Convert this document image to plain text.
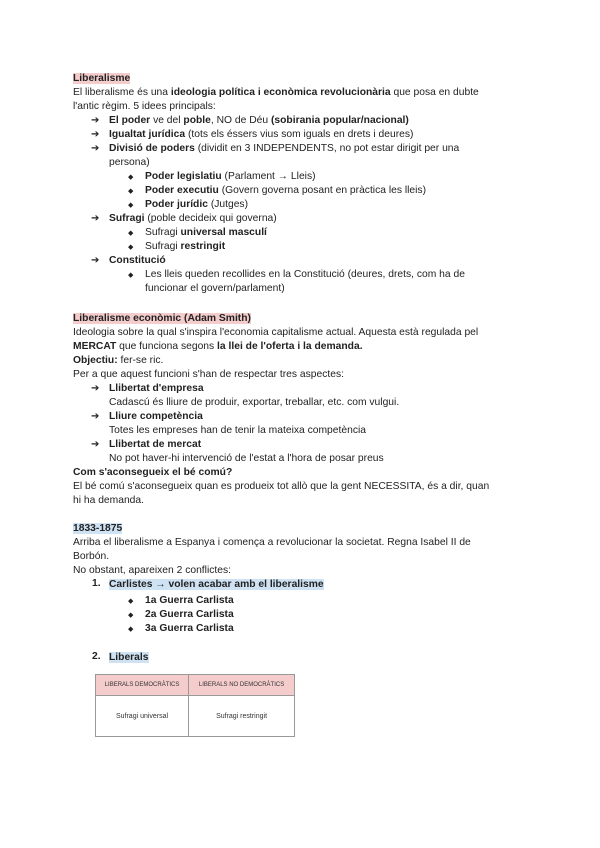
Liberalisme
El liberalisme és una ideologia política i econòmica revolucionària que posa en dubte
l'antic règim. 5 idees principals:
➔ El poder ve del poble, NO de Déu (sobirania popular/nacional)
➔ Igualtat jurídica (tots els éssers vius som iguals en drets i deures)
➔ Divisió de poders (dividit en 3 INDEPENDENTS, no pot estar dirigit per una
persona)
◆ Poder legislatiu (Parlament → Lleis)
◆ Poder executiu (Govern governa posant en pràctica les lleis)
◆ Poder jurídic (Jutges)
➔ Sufragi (poble decideix qui governa)
◆ Sufragi universal masculí
◆ Sufragi restringit
➔ Constitució
◆ Les lleis queden recollides en la Constitució (deures, drets, com ha de
funcionar el govern/parlament)
Liberalisme econòmic (Adam Smith)
Ideologia sobre la qual s'inspira l'economia capitalisme actual. Aquesta està regulada pel
MERCAT que funciona segons la llei de l'oferta i la demanda.
Objectiu: fer-se ric.
Per a que aquest funcioni s'han de respectar tres aspectes:
➔ Llibertat d'empresa
Cadascú és lliure de produir, exportar, treballar, etc. com vulgui.
➔ Lliure competència
Totes les empreses han de tenir la mateixa competència
➔ Llibertat de mercat
No pot haver-hi intervenció de l'estat a l'hora de posar preus
Com s'aconsegueix el bé comú?
El bé comú s'aconsegueix quan es produeix tot allò que la gent NECESSITA, és a dir, quan
hi ha demanda.
1833-1875
Arriba el liberalisme a Espanya i comença a revolucionar la societat. Regna Isabel II de
Borbón.
No obstant, apareixen 2 conflictes:
1. Carlistes → volen acabar amb el liberalisme
◆ 1a Guerra Carlista
◆ 2a Guerra Carlista
◆ 3a Guerra Carlista
2. Liberals
LIBERALS DEMOCRÀTICS	LIBERALS NO DEMOCRÀTICS
Sufragi universal	Sufragi restringit
